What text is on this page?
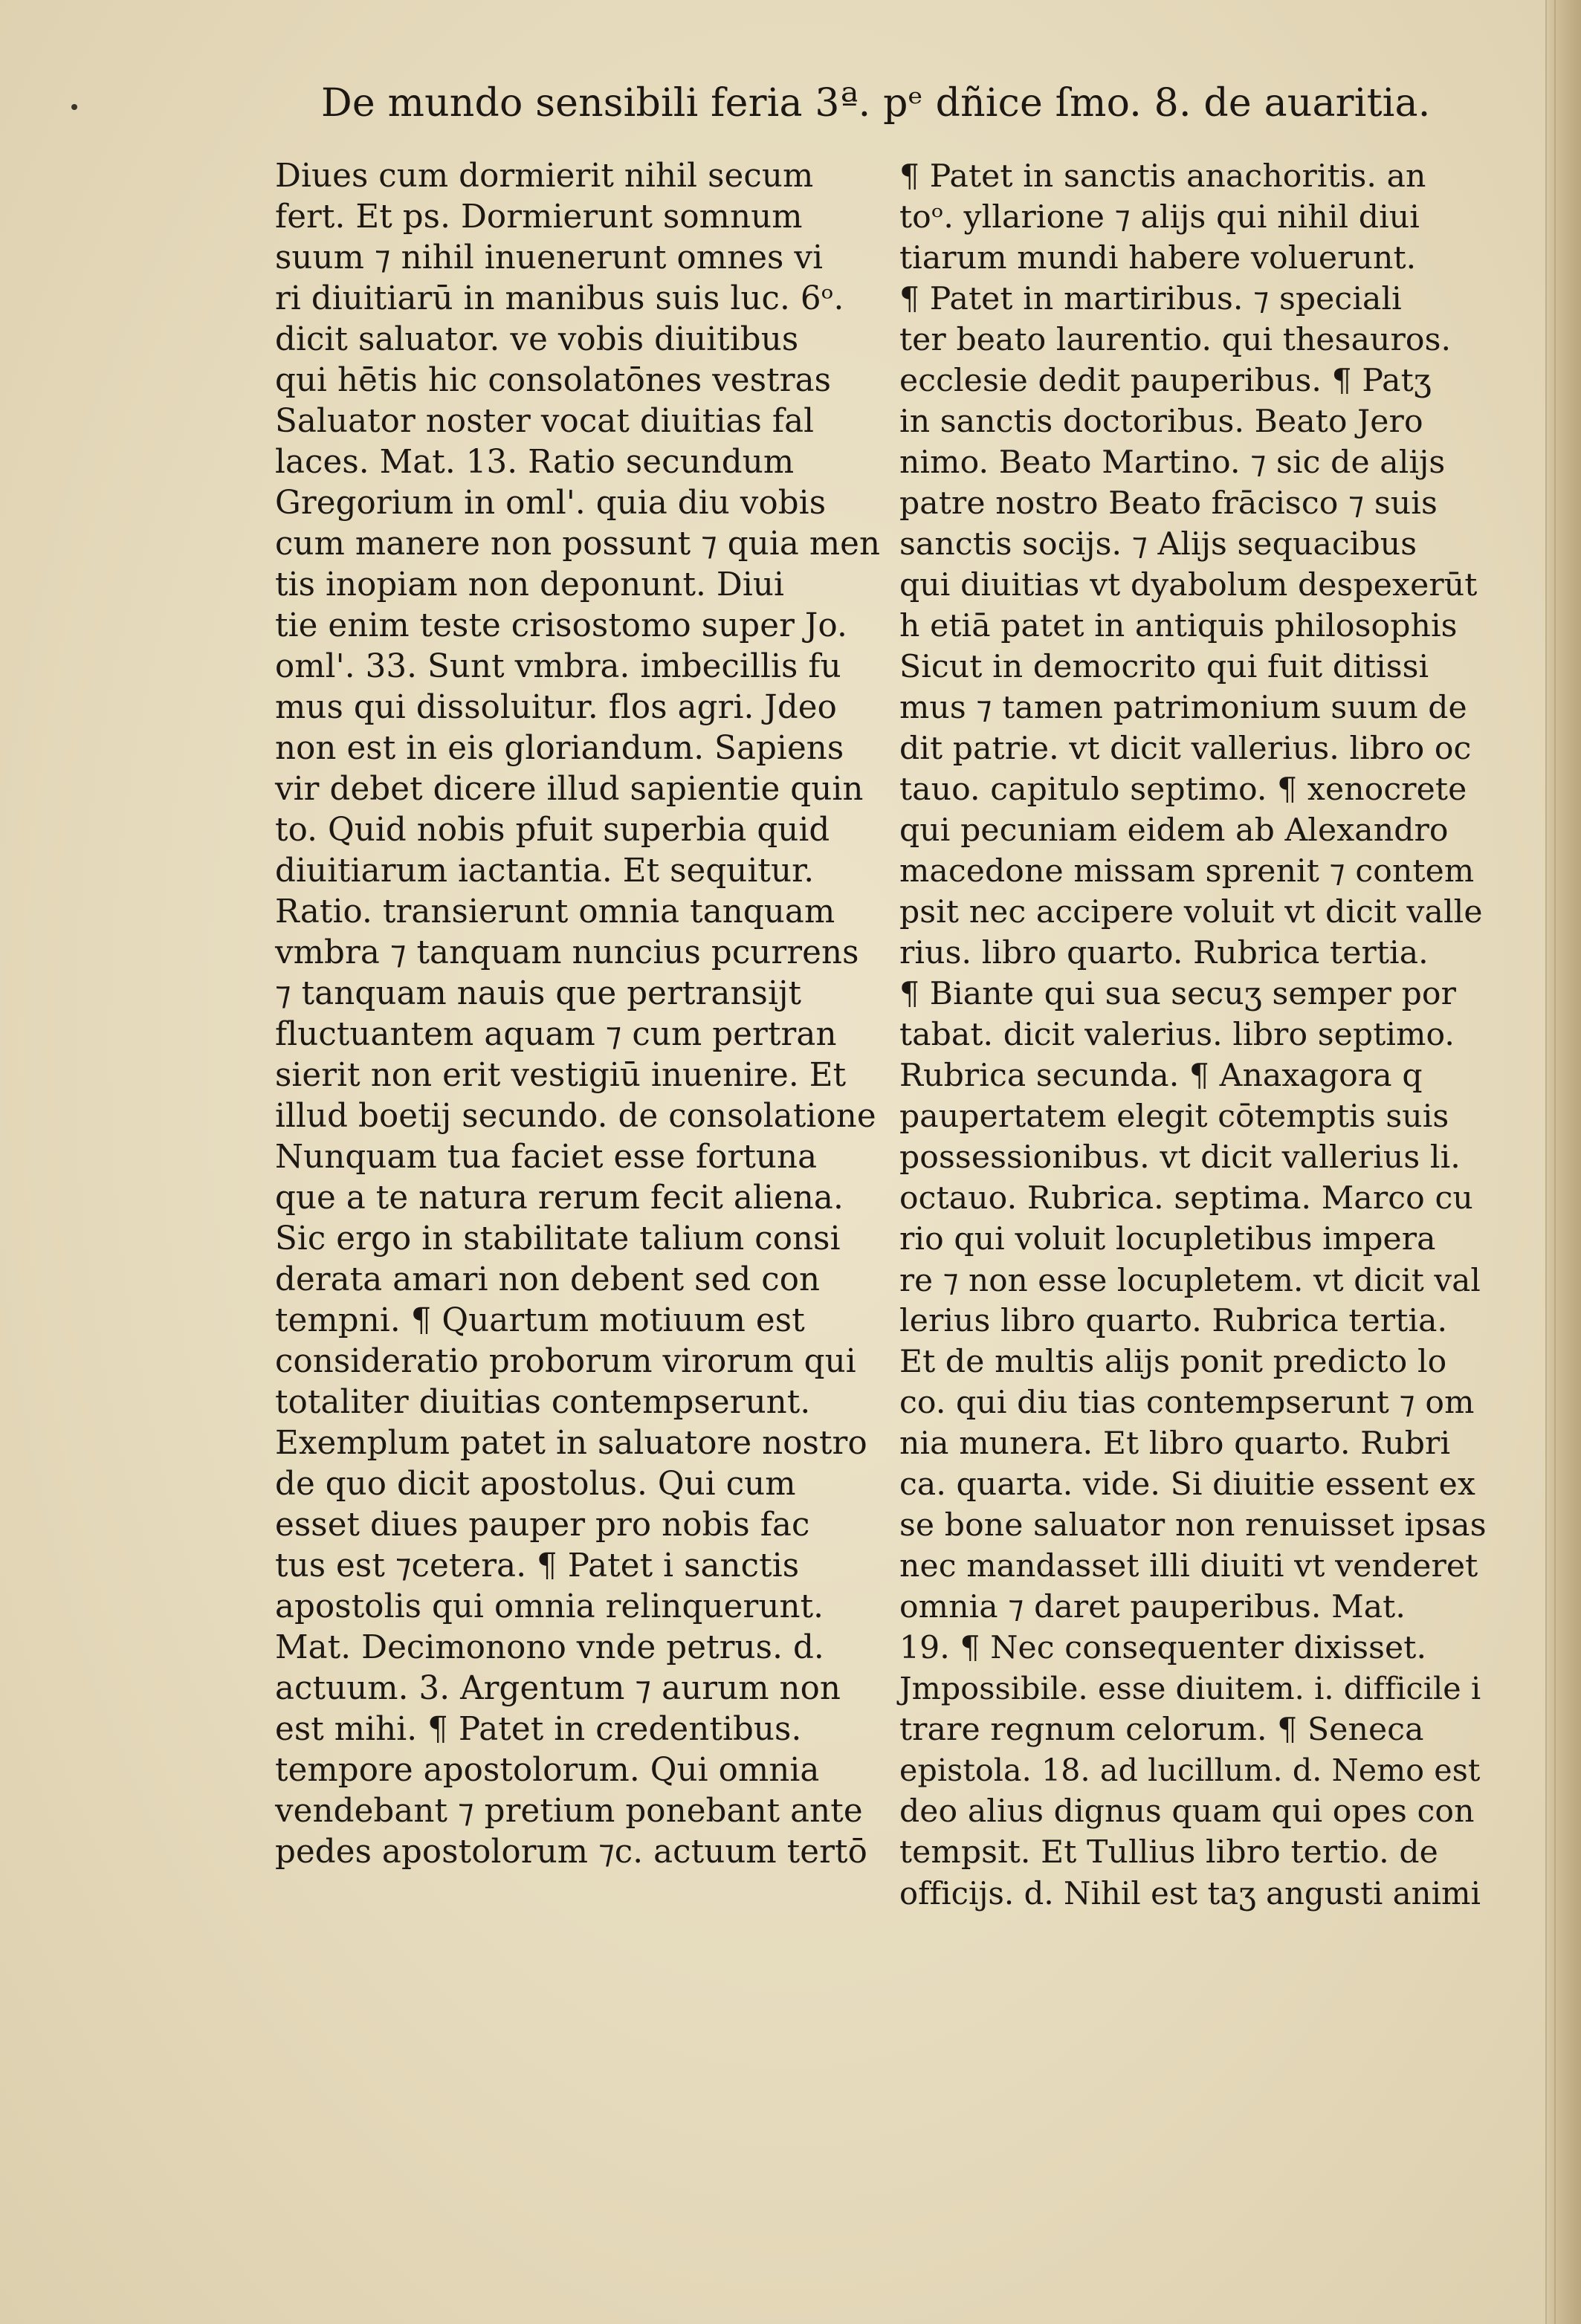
De mundo sensibili feria 3ª. pᵉ dñice ſmo. 8. de auaritia.
Diues cum dormierit nihil secum
fert. Et ps. Dormierunt somnum
suum ⁊ nihil inuenerunt omnes vi
ri diuitiarū in manibus suis luc. 6ᵒ.
dicit saluator. ve vobis diuitibus
qui hētis hic consolatōnes vestras
Saluator noster vocat diuitias fal
laces. Mat. 13. Ratio secundum
Gregorium in oml'. quia diu vobis
cum manere non possunt ⁊ quia men
tis inopiam non deponunt. Diui
tie enim teste crisostomo super Jo.
oml'. 33. Sunt vmbra. imbecillis fu
mus qui dissoluitur. flos agri. Jdeo
non est in eis gloriandum. Sapiens
vir debet dicere illud sapientie quin
to. Quid nobis pfuit superbia quid
diuitiarum iactantia. Et sequitur.
Ratio. transierunt omnia tanquam
vmbra ⁊ tanquam nuncius pcurrens
⁊ tanquam nauis que pertransijt
fluctuantem aquam ⁊ cum pertran
sierit non erit vestigiū inuenire. Et
illud boetij secundo. de consolatione
Nunquam tua faciet esse fortuna
que a te natura rerum fecit aliena.
Sic ergo in stabilitate talium consi
derata amari non debent sed con
tempni. ¶ Quartum motiuum est
consideratio proborum virorum qui
totaliter diuitias contempserunt.
Exemplum patet in saluatore nostro
de quo dicit apostolus. Qui cum
esset diues pauper pro nobis fac
tus est ⁊cetera. ¶ Patet i sanctis
apostolis qui omnia relinquerunt.
Mat. Decimonono vnde petrus. d.
actuum. 3. Argentum ⁊ aurum non
est mihi. ¶ Patet in credentibus.
tempore apostolorum. Qui omnia
vendebant ⁊ pretium ponebant ante
pedes apostolorum ⁊c. actuum tertō
¶ Patet in sanctis anachoritis. an
toᵒ. yllarione ⁊ alijs qui nihil diui
tiarum mundi habere voluerunt.
¶ Patet in martiribus. ⁊ speciali
ter beato laurentio. qui thesauros.
ecclesie dedit pauperibus. ¶ Patʒ
in sanctis doctoribus. Beato Jero
nimo. Beato Martino. ⁊ sic de alijs
patre nostro Beato frācisco ⁊ suis
sanctis socijs. ⁊ Alijs sequacibus
qui diuitias vt dyabolum despexerūt
h etiā patet in antiquis philosophis
Sicut in democrito qui fuit ditissi
mus ⁊ tamen patrimonium suum de
dit patrie. vt dicit vallerius. libro oc
tauo. capitulo septimo. ¶ xenocrete
qui pecuniam eidem ab Alexandro
macedone missam sprenit ⁊ contem
psit nec accipere voluit vt dicit valle
rius. libro quarto. Rubrica tertia.
¶ Biante qui sua secuʒ semper por
tabat. dicit valerius. libro septimo.
Rubrica secunda. ¶ Anaxagora q
paupertatem elegit cōtemptis suis
possessionibus. vt dicit vallerius li.
octauo. Rubrica. septima. Marco cu
rio qui voluit locupletibus impera
re ⁊ non esse locupletem. vt dicit val
lerius libro quarto. Rubrica tertia.
Et de multis alijs ponit predicto lo
co. qui diu tias contempserunt ⁊ om
nia munera. Et libro quarto. Rubri
ca. quarta. vide. Si diuitie essent ex
se bone saluator non renuisset ipsas
nec mandasset illi diuiti vt venderet
omnia ⁊ daret pauperibus. Mat.
19. ¶ Nec consequenter dixisset.
Jmpossibile. esse diuitem. i. difficile i
trare regnum celorum. ¶ Seneca
epistola. 18. ad lucillum. d. Nemo est
deo alius dignus quam qui opes con
tempsit. Et Tullius libro tertio. de
officijs. d. Nihil est taʒ angusti animi
